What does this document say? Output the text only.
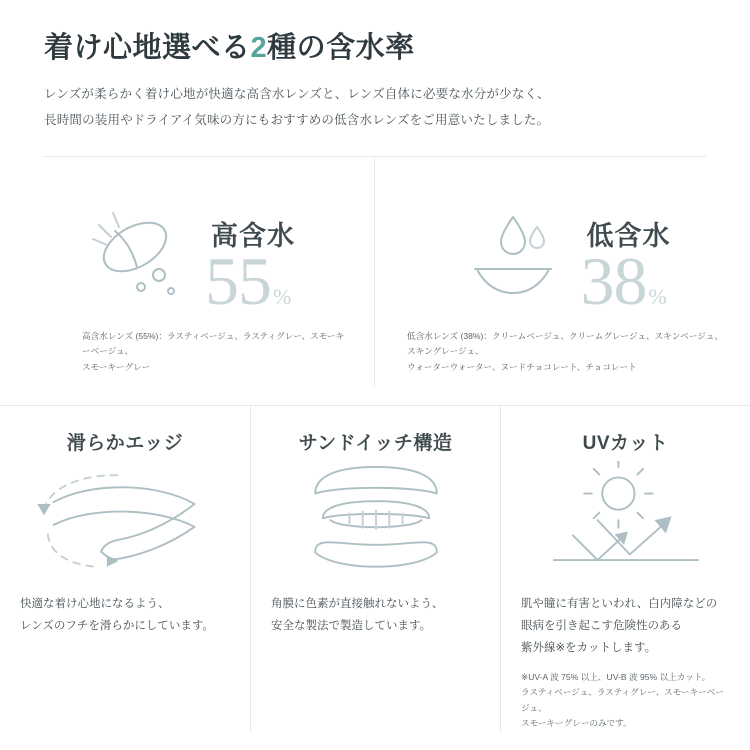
着け心地選べる2種の含水率

レンズが柔らかく着け心地が快適な高含水レンズと、レンズ自体に必要な水分が少なく、
長時間の装用やドライアイ気味の方にもおすすめの低含水レンズをご用意いたしました。

高含水
55 %
高含水レンズ (55%)：ラスティベージュ、ラスティグレー、スモーキーベージュ、
スモーキーグレー
低含水
38 %
低含水レンズ (38%)：クリームベージュ、クリームグレージュ、スキンベージュ、スキングレージュ、
ウォーターウォーター、ヌードチョコレート、チョコレート
滑らかエッジ
快適な着け心地になるよう、
レンズのフチを滑らかにしています。
サンドイッチ構造
角膜に色素が直接触れないよう、
安全な製法で製造しています。
UVカット
肌や瞳に有害といわれ、白内障などの
眼病を引き起こす危険性のある
紫外線※をカットします。
※UV-A 波 75% 以上、UV-B 波 95% 以上カット。
ラスティベージュ、ラスティグレー、スモーキーベージュ、
スモーキーグレーのみです。
